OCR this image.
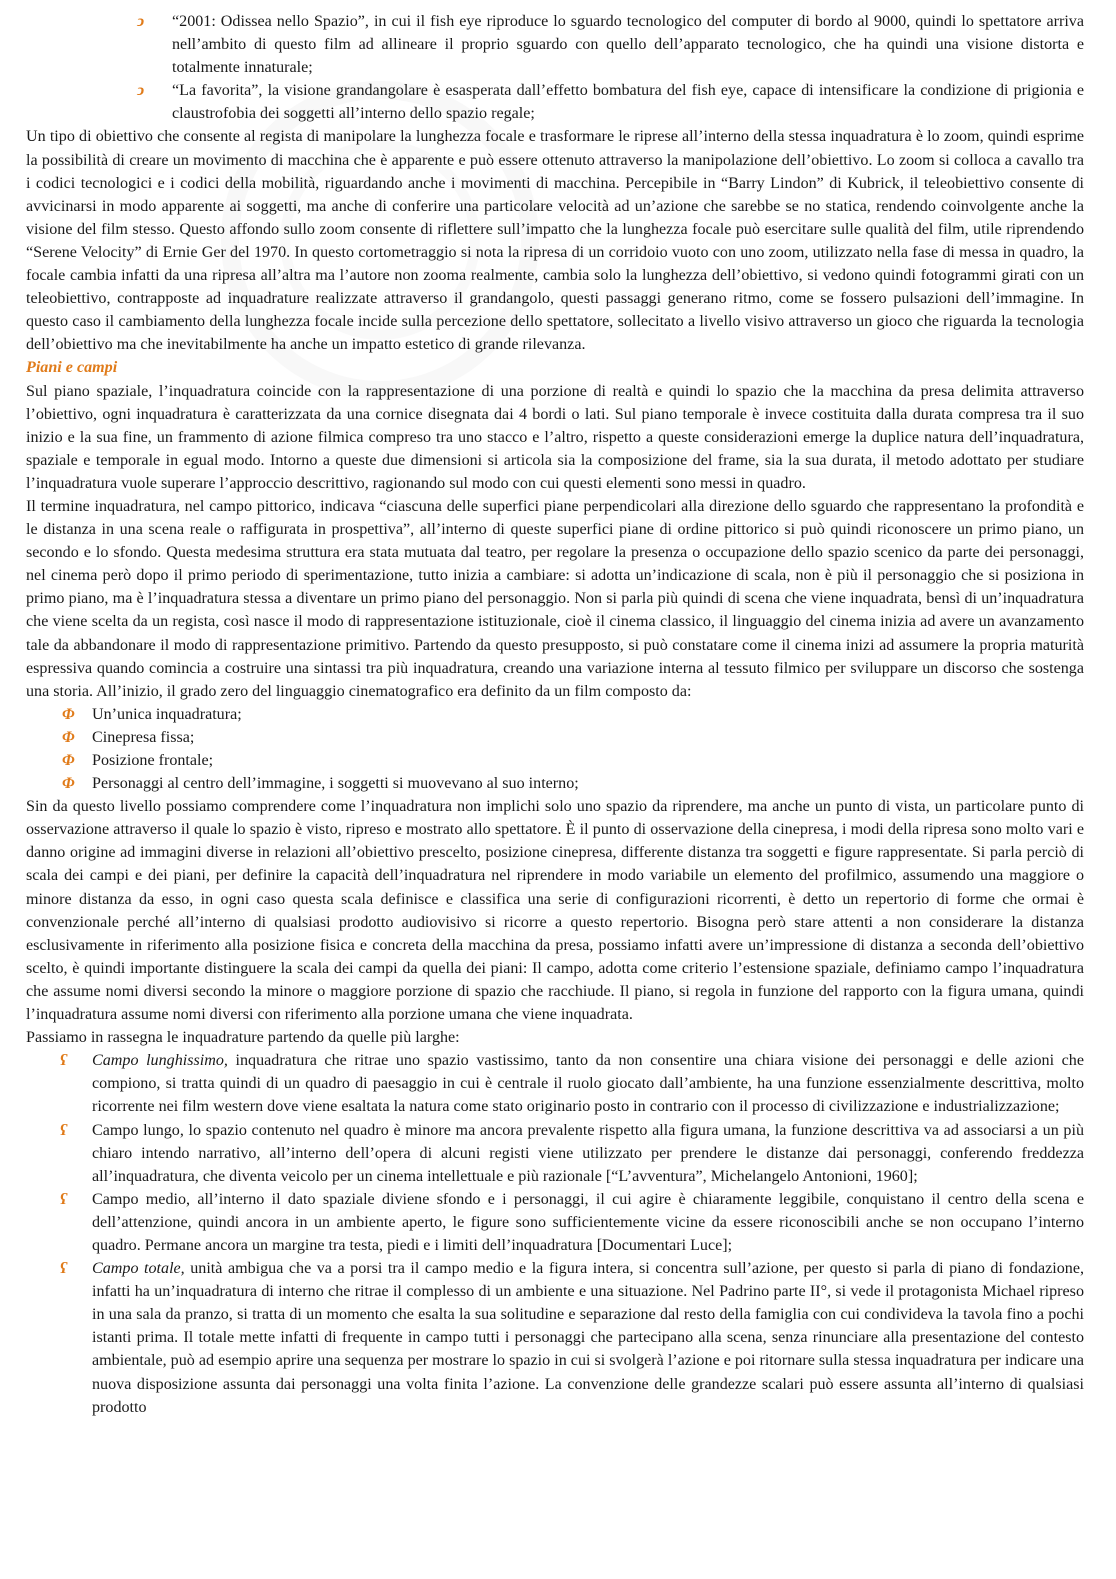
ↄ “2001: Odissea nello Spazio”, in cui il fish eye riproduce lo sguardo tecnologico del computer di bordo al 9000, quindi lo spettatore arriva nell’ambito di questo film ad allineare il proprio sguardo con quello dell’apparato tecnologico, che ha quindi una visione distorta e totalmente innaturale;
ↄ “La favorita”, la visione grandangolare è esasperata dall’effetto bombatura del fish eye, capace di intensificare la condizione di prigionia e claustrofobia dei soggetti all’interno dello spazio regale;

Un tipo di obiettivo che consente al regista di manipolare la lunghezza focale e trasformare le riprese all’interno della stessa inquadratura è lo zoom, quindi esprime la possibilità di creare un movimento di macchina che è apparente e può essere ottenuto attraverso la manipolazione dell’obiettivo. Lo zoom si colloca a cavallo tra i codici tecnologici e i codici della mobilità, riguardando anche i movimenti di macchina. Percepibile in “Barry Lindon” di Kubrick, il teleobiettivo consente di avvicinarsi in modo apparente ai soggetti, ma anche di conferire una particolare velocità ad un’azione che sarebbe se no statica, rendendo coinvolgente anche la visione del film stesso. Questo affondo sullo zoom consente di riflettere sull’impatto che la lunghezza focale può esercitare sulle qualità del film, utile riprendendo “Serene Velocity” di Ernie Ger del 1970. In questo cortometraggio si nota la ripresa di un corridoio vuoto con uno zoom, utilizzato nella fase di messa in quadro, la focale cambia infatti da una ripresa all’altra ma l’autore non zooma realmente, cambia solo la lunghezza dell’obiettivo, si vedono quindi fotogrammi girati con un teleobiettivo, contrapposte ad inquadrature realizzate attraverso il grandangolo, questi passaggi generano ritmo, come se fossero pulsazioni dell’immagine. In questo caso il cambiamento della lunghezza focale incide sulla percezione dello spettatore, sollecitato a livello visivo attraverso un gioco che riguarda la tecnologia dell’obiettivo ma che inevitabilmente ha anche un impatto estetico di grande rilevanza.

Piani e campi

Sul piano spaziale, l’inquadratura coincide con la rappresentazione di una porzione di realtà e quindi lo spazio che la macchina da presa delimita attraverso l’obiettivo, ogni inquadratura è caratterizzata da una cornice disegnata dai 4 bordi o lati. Sul piano temporale è invece costituita dalla durata compresa tra il suo inizio e la sua fine, un frammento di azione filmica compreso tra uno stacco e l’altro, rispetto a queste considerazioni emerge la duplice natura dell’inquadratura, spaziale e temporale in egual modo. Intorno a queste due dimensioni si articola sia la composizione del frame, sia la sua durata, il metodo adottato per studiare l’inquadratura vuole superare l’approccio descrittivo, ragionando sul modo con cui questi elementi sono messi in quadro.

Il termine inquadratura, nel campo pittorico, indicava “ciascuna delle superfici piane perpendicolari alla direzione dello sguardo che rappresentano la profondità e le distanza in una scena reale o raffigurata in prospettiva”, all’interno di queste superfici piane di ordine pittorico si può quindi riconoscere un primo piano, un secondo e lo sfondo. Questa medesima struttura era stata mutuata dal teatro, per regolare la presenza o occupazione dello spazio scenico da parte dei personaggi, nel cinema però dopo il primo periodo di sperimentazione, tutto inizia a cambiare: si adotta un’indicazione di scala, non è più il personaggio che si posiziona in primo piano, ma è l’inquadratura stessa a diventare un primo piano del personaggio. Non si parla più quindi di scena che viene inquadrata, bensì di un’inquadratura che viene scelta da un regista, così nasce il modo di rappresentazione istituzionale, cioè il cinema classico, il linguaggio del cinema inizia ad avere un avanzamento tale da abbandonare il modo di rappresentazione primitivo. Partendo da questo presupposto, si può constatare come il cinema inizi ad assumere la propria maturità espressiva quando comincia a costruire una sintassi tra più inquadratura, creando una variazione interna al tessuto filmico per sviluppare un discorso che sostenga una storia. All’inizio, il grado zero del linguaggio cinematografico era definito da un film composto da:

Φ Un’unica inquadratura;
Φ Cinepresa fissa;
Φ Posizione frontale;
Φ Personaggi al centro dell’immagine, i soggetti si muovevano al suo interno;

Sin da questo livello possiamo comprendere come l’inquadratura non implichi solo uno spazio da riprendere, ma anche un punto di vista, un particolare punto di osservazione attraverso il quale lo spazio è visto, ripreso e mostrato allo spettatore. È il punto di osservazione della cinepresa, i modi della ripresa sono molto vari e danno origine ad immagini diverse in relazioni all’obiettivo prescelto, posizione cinepresa, differente distanza tra soggetti e figure rappresentate. Si parla perciò di scala dei campi e dei piani, per definire la capacità dell’inquadratura nel riprendere in modo variabile un elemento del profilmico, assumendo una maggiore o minore distanza da esso, in ogni caso questa scala definisce e classifica una serie di configurazioni ricorrenti, è detto un repertorio di forme che ormai è convenzionale perché all’interno di qualsiasi prodotto audiovisivo si ricorre a questo repertorio. Bisogna però stare attenti a non considerare la distanza esclusivamente in riferimento alla posizione fisica e concreta della macchina da presa, possiamo infatti avere un’impressione di distanza a seconda dell’obiettivo scelto, è quindi importante distinguere la scala dei campi da quella dei piani: Il campo, adotta come criterio l’estensione spaziale, definiamo campo l’inquadratura che assume nomi diversi secondo la minore o maggiore porzione di spazio che racchiude. Il piano, si regola in funzione del rapporto con la figura umana, quindi l’inquadratura assume nomi diversi con riferimento alla porzione umana che viene inquadrata.

Passiamo in rassegna le inquadrature partendo da quelle più larghe:

ʕ Campo lunghissimo, inquadratura che ritrae uno spazio vastissimo, tanto da non consentire una chiara visione dei personaggi e delle azioni che compiono, si tratta quindi di un quadro di paesaggio in cui è centrale il ruolo giocato dall’ambiente, ha una funzione essenzialmente descrittiva, molto ricorrente nei film western dove viene esaltata la natura come stato originario posto in contrario con il processo di civilizzazione e industrializzazione;
ʕ Campo lungo, lo spazio contenuto nel quadro è minore ma ancora prevalente rispetto alla figura umana, la funzione descrittiva va ad associarsi a un più chiaro intendo narrativo, all’interno dell’opera di alcuni registi viene utilizzato per prendere le distanze dai personaggi, conferendo freddezza all’inquadratura, che diventa veicolo per un cinema intellettuale e più razionale [“L’avventura”, Michelangelo Antonioni, 1960];
ʕ Campo medio, all’interno il dato spaziale diviene sfondo e i personaggi, il cui agire è chiaramente leggibile, conquistano il centro della scena e dell’attenzione, quindi ancora in un ambiente aperto, le figure sono sufficientemente vicine da essere riconoscibili anche se non occupano l’interno quadro. Permane ancora un margine tra testa, piedi e i limiti dell’inquadratura [Documentari Luce];
ʕ Campo totale, unità ambigua che va a porsi tra il campo medio e la figura intera, si concentra sull’azione, per questo si parla di piano di fondazione, infatti ha un’inquadratura di interno che ritrae il complesso di un ambiente e una situazione. Nel Padrino parte II°, si vede il protagonista Michael ripreso in una sala da pranzo, si tratta di un momento che esalta la sua solitudine e separazione dal resto della famiglia con cui condivideva la tavola fino a pochi istanti prima. Il totale mette infatti di frequente in campo tutti i personaggi che partecipano alla scena, senza rinunciare alla presentazione del contesto ambientale, può ad esempio aprire una sequenza per mostrare lo spazio in cui si svolgerà l’azione e poi ritornare sulla stessa inquadratura per indicare una nuova disposizione assunta dai personaggi una volta finita l’azione. La convenzione delle grandezze scalari può essere assunta all’interno di qualsiasi prodotto
